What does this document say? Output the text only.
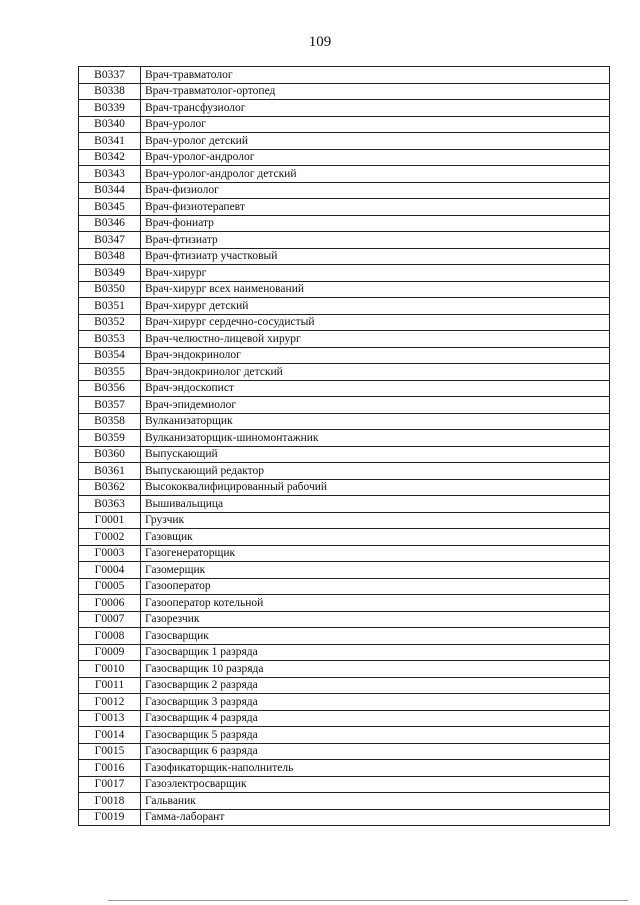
109
В0337	Врач-травматолог
В0338	Врач-травматолог-ортопед
В0339	Врач-трансфузиолог
В0340	Врач-уролог
В0341	Врач-уролог детский
В0342	Врач-уролог-андролог
В0343	Врач-уролог-андролог детский
В0344	Врач-физиолог
В0345	Врач-физиотерапевт
В0346	Врач-фониатр
В0347	Врач-фтизиатр
В0348	Врач-фтизиатр участковый
В0349	Врач-хирург
В0350	Врач-хирург всех наименований
В0351	Врач-хирург детский
В0352	Врач-хирург сердечно-сосудистый
В0353	Врач-челюстно-лицевой хирург
В0354	Врач-эндокринолог
В0355	Врач-эндокринолог детский
В0356	Врач-эндоскопист
В0357	Врач-эпидемиолог
В0358	Вулканизаторщик
В0359	Вулканизаторщик-шиномонтажник
В0360	Выпускающий
В0361	Выпускающий редактор
В0362	Высококвалифицированный рабочий
В0363	Вышивальщица
Г0001	Грузчик
Г0002	Газовщик
Г0003	Газогенераторщик
Г0004	Газомерщик
Г0005	Газооператор
Г0006	Газооператор котельной
Г0007	Газорезчик
Г0008	Газосварщик
Г0009	Газосварщик 1 разряда
Г0010	Газосварщик 10 разряда
Г0011	Газосварщик 2 разряда
Г0012	Газосварщик 3 разряда
Г0013	Газосварщик 4 разряда
Г0014	Газосварщик 5 разряда
Г0015	Газосварщик 6 разряда
Г0016	Газофикаторщик-наполнитель
Г0017	Газоэлектросварщик
Г0018	Гальваник
Г0019	Гамма-лаборант
